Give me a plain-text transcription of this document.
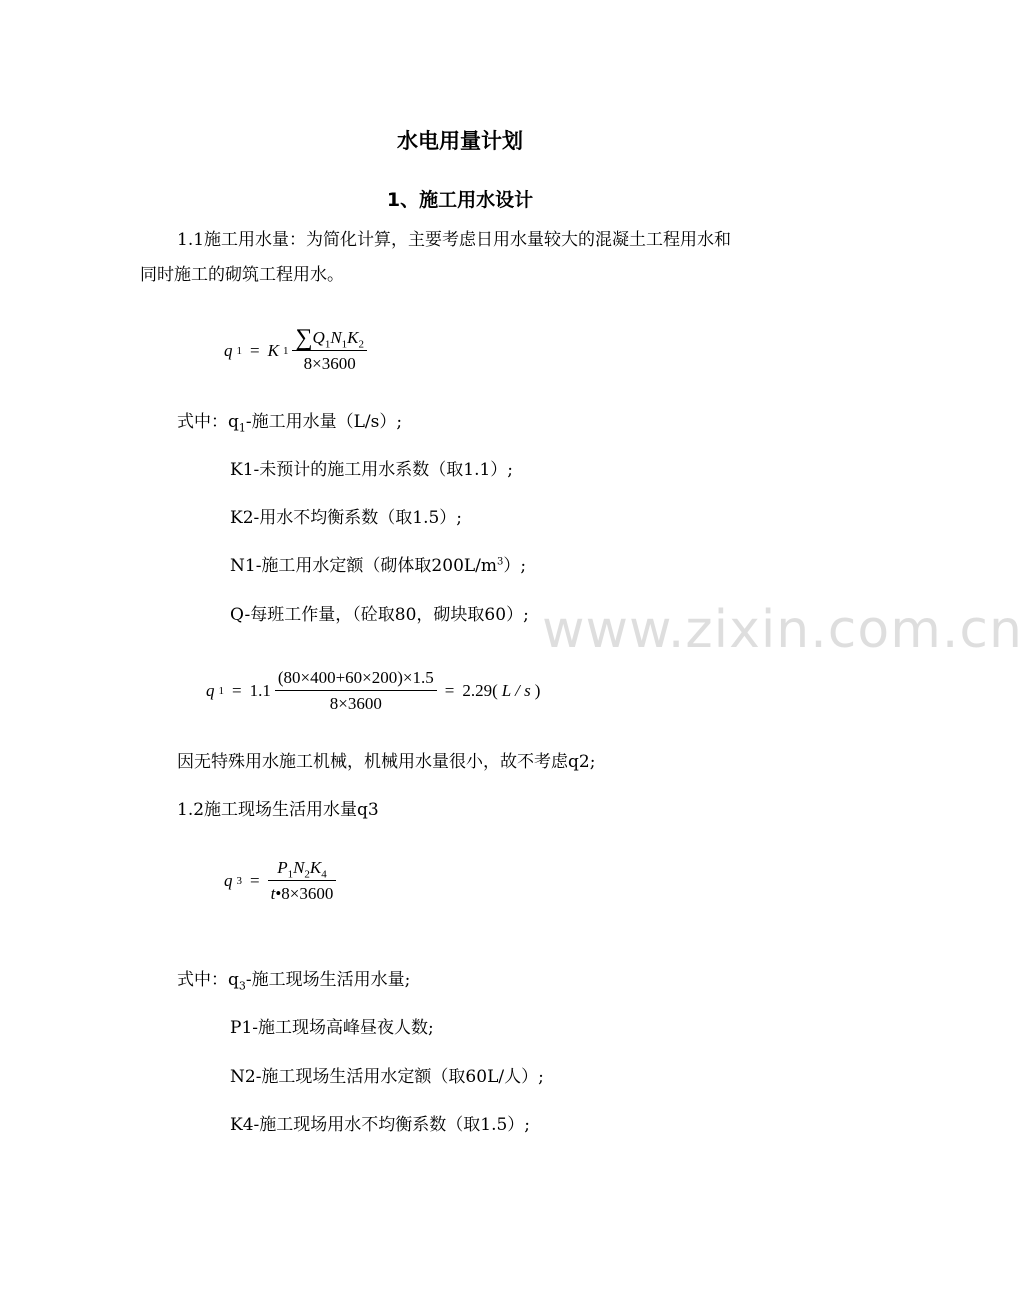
水电用量计划
1、施工用水设计
1.1施工用水量：为简化计算，主要考虑日用水量较大的混凝土工程用水和
同时施工的砌筑工程用水。
q 1 = K $1 \frac{\sum Q_1N_1K_2}{8\times 3600}$
式中：$q_1-$施工用水量（L/s）;
K1-未预计的施工用水系数（取1.1）;
K2-用水不均衡系数（取1.5）;
N1-施工用水定额（砌体取$200L/m^3$）;
Q-每班工作量，（砼取80，砌块取60）; www.zixin.com.cn
q $1 = 1.1 \frac{(80\times 400+60\times 200)\times 1.5}{8\times 3600} = 2.29$( L / s )
因无特殊用水施工机械，机械用水量很小，故不考虑q2;
1.2施工现场生活用水量q3
q $3 = \frac{P_1N_2K_4}{t•8\times 3600}$
式中：$q_3-$施工现场生活用水量;
P1-施工现场高峰昼夜人数;
N2-施工现场生活用水定额（取60L/人）;
K4-施工现场用水不均衡系数（取1.5）;
